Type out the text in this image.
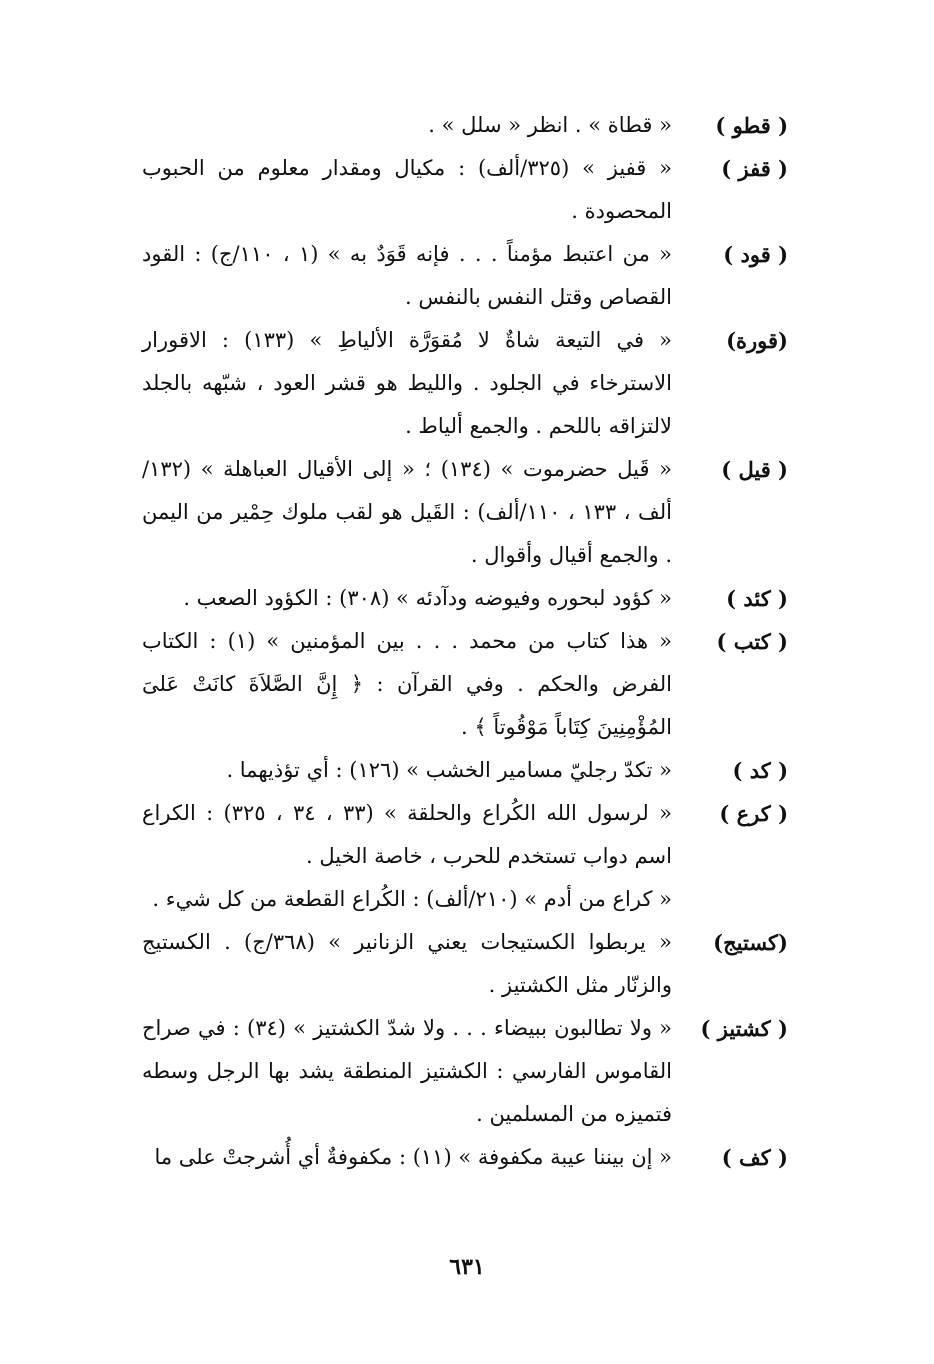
( قطو )

« قطاة » . انظر « سلل » .

( قفز )

« قفيز » (٣٢٥/ألف) : مكيال ومقدار معلوم من الحبوب المحصودة .

( قود )

« من اعتبط مؤمناً . . . فإنه قَوَدٌ به » (١ ، ١١٠/ج) : القود القصاص وقتل النفس بالنفس .

(قورة)

« في التيعة شاةٌ لا مُقوَرَّة الألياطِ » (١٣٣) : الاقورار الاسترخاء في الجلود . والليط هو قشر العود ، شبّهه بالجلد لالتزاقه باللحم . والجمع ألياط .

( قيل )

« قَيل حضرموت » (١٣٤) ؛ « إلى الأقيال العباهلة » (١٣٢/ ألف ، ١٣٣ ، ١١٠/ألف) : القَيل هو لقب ملوك حِمْير من اليمن . والجمع أقيال وأقوال .

( كئد )

« كؤود لبحوره وفيوضه ودآدئه » (٣٠٨) : الكؤود الصعب .

( كتب )

« هذا كتاب من محمد . . . بين المؤمنين » (١) : الكتاب الفرض والحكم . وفي القرآن : ﴿ إِنَّ الصَّلاَةَ كانَتْ عَلىَ المُؤْمِنِينَ كِتَاباً مَوْقُوتاً ﴾ .

( كد )

« تكدّ رجليّ مسامير الخشب » (١٢٦) : أي تؤذيهما .

( كرع )

« لرسول الله الكُراع والحلقة » (٣٣ ، ٣٤ ، ٣٢٥) : الكراع اسم دواب تستخدم للحرب ، خاصة الخيل .

« كراع من أدم » (٢١٠/ألف) : الكُراع القطعة من كل شيء .

(كستيج)

« يربطوا الكستيجات يعني الزنانير » (٣٦٨/ج) . الكستيج والزنّار مثل الكشتيز .

( كشتيز )

« ولا تطالبون ببيضاء . . . ولا شدّ الكشتيز » (٣٤) : في صراح القاموس الفارسي : الكشتيز المنطقة يشد بها الرجل وسطه فتميزه من المسلمين .

( كف )

« إن بيننا عيبة مكفوفة » (١١) : مكفوفةٌ أي أُشرجتْ على ما

٦٣١
